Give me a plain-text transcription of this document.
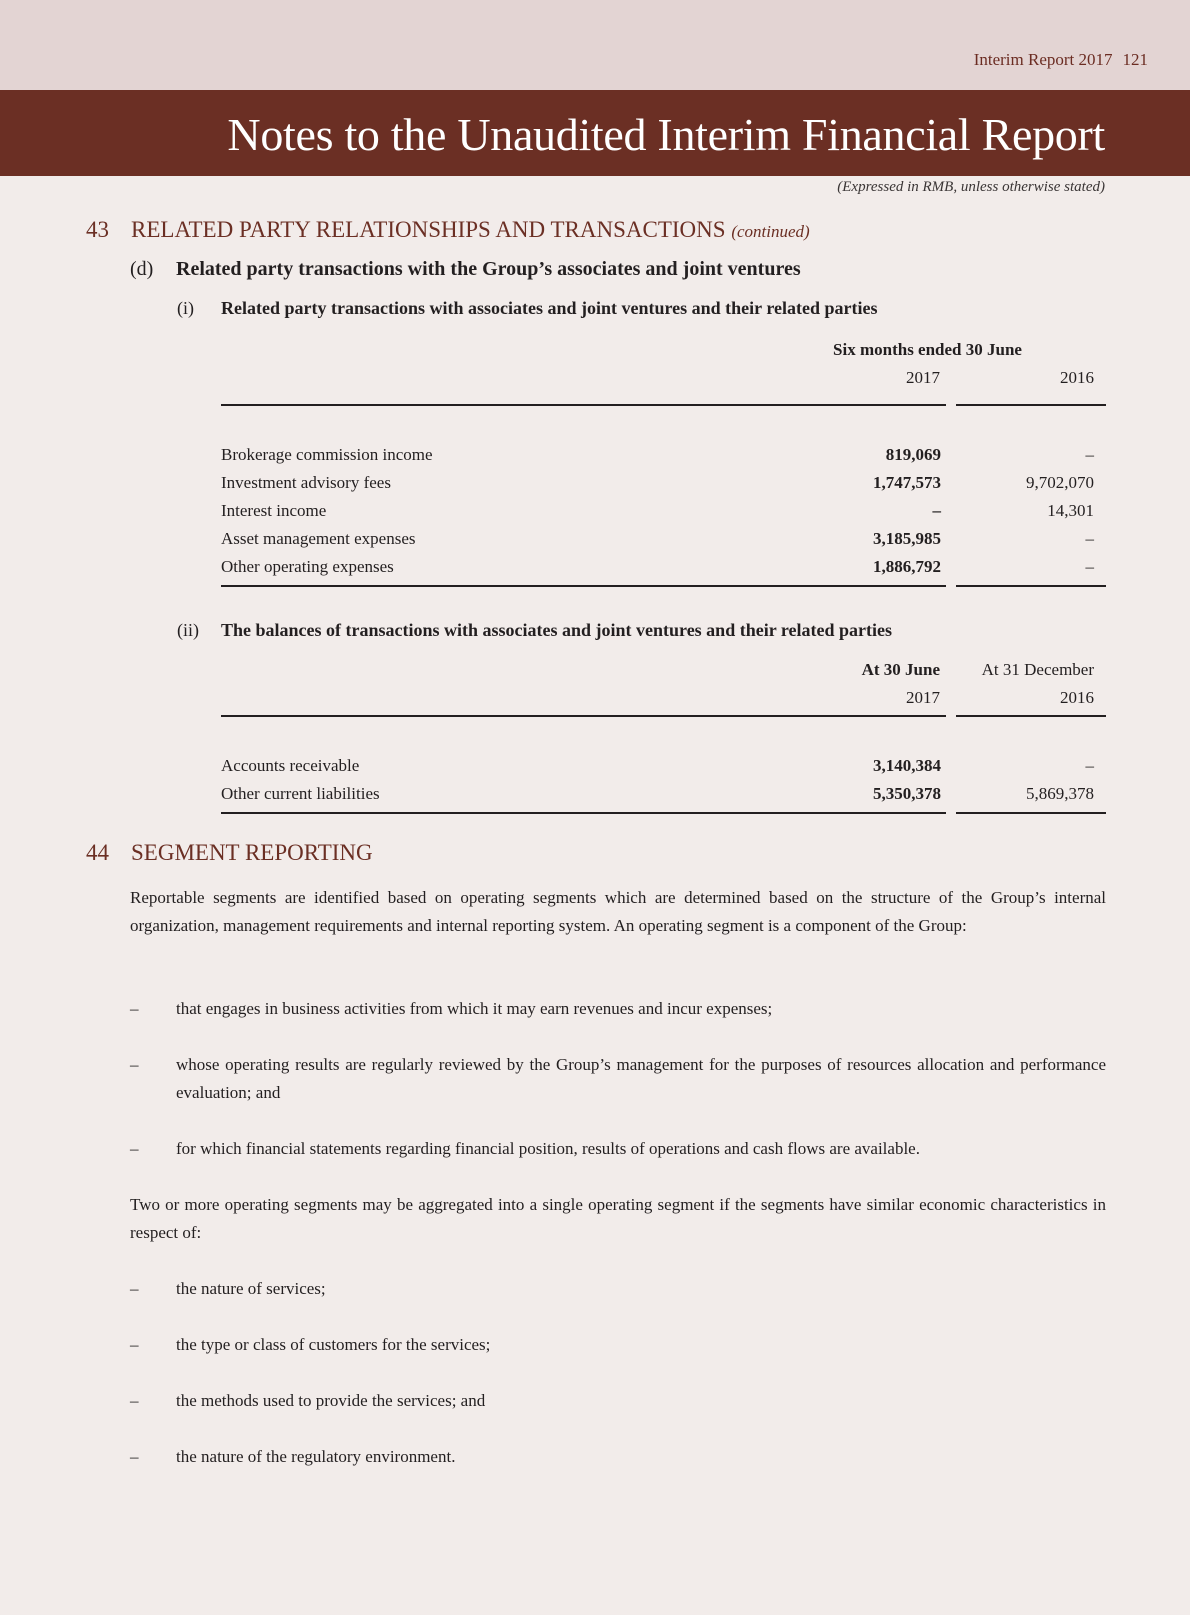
Interim Report 2017 121
Notes to the Unaudited Interim Financial Report
(Expressed in RMB, unless otherwise stated)
43 RELATED PARTY RELATIONSHIPS AND TRANSACTIONS (continued)
(d) Related party transactions with the Group’s associates and joint ventures
(i) Related party transactions with associates and joint ventures and their related parties
Six months ended 30 June
2017	2016
Brokerage commission income	819,069	–
Investment advisory fees	1,747,573	9,702,070
Interest income	–	14,301
Asset management expenses	3,185,985	–
Other operating expenses	1,886,792	–
(ii) The balances of transactions with associates and joint ventures and their related parties
At 30 June	At 31 December
2017	2016
Accounts receivable	3,140,384	–
Other current liabilities	5,350,378	5,869,378
44 SEGMENT REPORTING
Reportable segments are identified based on operating segments which are determined based on the structure of the Group’s internal organization, management requirements and internal reporting system. An operating segment is a component of the Group:
– that engages in business activities from which it may earn revenues and incur expenses;
– whose operating results are regularly reviewed by the Group’s management for the purposes of resources allocation and performance evaluation; and
– for which financial statements regarding financial position, results of operations and cash flows are available.
Two or more operating segments may be aggregated into a single operating segment if the segments have similar economic characteristics in respect of:
– the nature of services;
– the type or class of customers for the services;
– the methods used to provide the services; and
– the nature of the regulatory environment.
